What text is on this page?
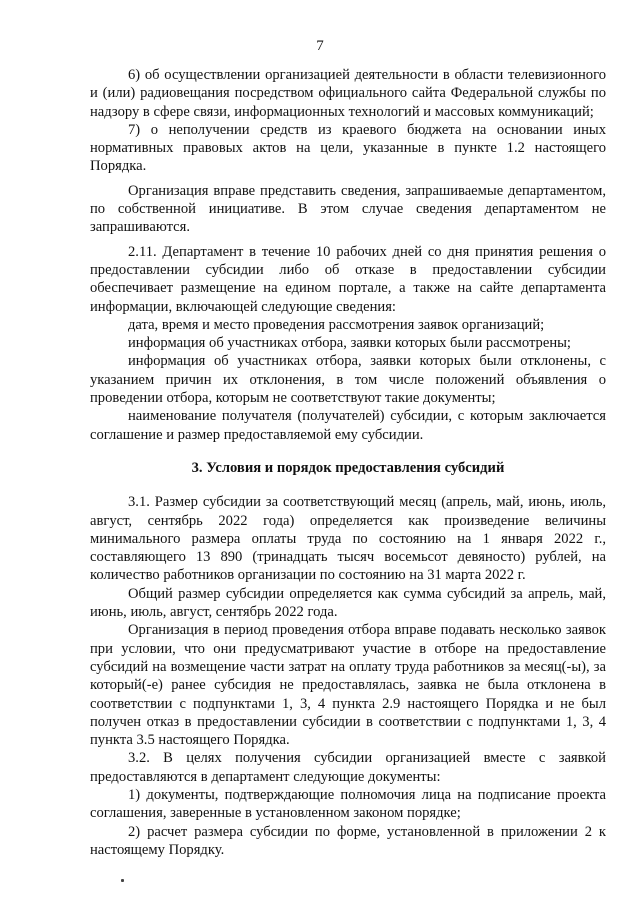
7

6) об осуществлении организацией деятельности в области телевизионного и (или) радиовещания посредством официального сайта Федеральной службы по надзору в сфере связи, информационных технологий и массовых коммуникаций;

7) о неполучении средств из краевого бюджета на основании иных нормативных правовых актов на цели, указанные в пункте 1.2 настоящего Порядка.

Организация вправе представить сведения, запрашиваемые департаментом, по собственной инициативе. В этом случае сведения департаментом не запрашиваются.

2.11. Департамент в течение 10 рабочих дней со дня принятия решения о предоставлении субсидии либо об отказе в предоставлении субсидии обеспечивает размещение на едином портале, а также на сайте департамента информации, включающей следующие сведения:

дата, время и место проведения рассмотрения заявок организаций;

информация об участниках отбора, заявки которых были рассмотрены;

информация об участниках отбора, заявки которых были отклонены, с указанием причин их отклонения, в том числе положений объявления о проведении отбора, которым не соответствуют такие документы;

наименование получателя (получателей) субсидии, с которым заключается соглашение и размер предоставляемой ему субсидии.

3. Условия и порядок предоставления субсидий

3.1. Размер субсидии за соответствующий месяц (апрель, май, июнь, июль, август, сентябрь 2022 года) определяется как произведение величины минимального размера оплаты труда по состоянию на 1 января 2022 г., составляющего 13 890 (тринадцать тысяч восемьсот девяносто) рублей, на количество работников организации по состоянию на 31 марта 2022 г.

Общий размер субсидии определяется как сумма субсидий за апрель, май, июнь, июль, август, сентябрь 2022 года.

Организация в период проведения отбора вправе подавать несколько заявок при условии, что они предусматривают участие в отборе на предоставление субсидий на возмещение части затрат на оплату труда работников за месяц(-ы), за который(-е) ранее субсидия не предоставлялась, заявка не была отклонена в соответствии с подпунктами 1, 3, 4 пункта 2.9 настоящего Порядка и не был получен отказ в предоставлении субсидии в соответствии с подпунктами 1, 3, 4 пункта 3.5 настоящего Порядка.

3.2. В целях получения субсидии организацией вместе с заявкой предоставляются в департамент следующие документы:

1) документы, подтверждающие полномочия лица на подписание проекта соглашения, заверенные в установленном законом порядке;

2) расчет размера субсидии по форме, установленной в приложении 2 к настоящему Порядку.
